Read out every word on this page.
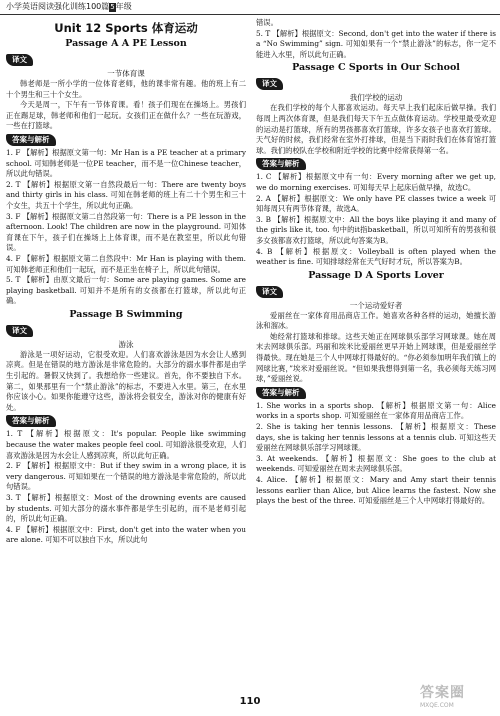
小学英语阅读强化训练100篇5年级
Unit 12 Sports 体育运动
Passage A A PE Lesson
译文
一节体育课

韩老师是一所小学的一位体育老师，他的课非常有趣。他的班上有二十个男生和三十个女生。

今天是周一，下午有一节体育课。看！孩子们现在在操场上。男孩们正在踢足球，韩老师和他们一起玩。女孩们正在做什么？一些在玩游戏，一些在打篮球。

答案与解析

1. F 【解析】根据原文第一句：Mr Han is a PE teacher at a primary school. 可知韩老师是一位PE teacher，而不是一位Chinese teacher，所以此句错误。

2. T 【解析】根据原文第一自然段最后一句：There are twenty boys and thirty girls in his class. 可知在韩老师的班上有二十个男生和三十个女生，共五十个学生，所以此句正确。

3. F 【解析】根据原文第二自然段第一句：There is a PE lesson in the afternoon. Look! The children are now in the playground. 可知体育课在下午，孩子们在操场上上体育课，而不是在教室里，所以此句错误。

4. F 【解析】根据原文第二自然段中：Mr Han is playing with them. 可知韩老师正和他们一起玩，而不是正坐在椅子上，所以此句错误。

5. T 【解析】由原文最后一句：Some are playing games. Some are playing basketball. 可知并不是所有的女孩都在打篮球，所以此句正确。

Passage B Swimming
译文
游泳

游泳是一项好运动，它很受欢迎。人们喜欢游泳是因为水会让人感到凉爽。但是在错误的地方游泳是非常危险的。大部分的溺水事件都是由学生引起的。暑假又快到了。我想给你一些建议。首先，你不要独自下水。第二，如果那里有一个“禁止游泳”的标志，不要进入水里。第三，在水里你应该小心。如果你能遵守这些，游泳将会很安全，游泳对你的健康有好处。

答案与解析

1. T 【解析】根据原文：It's popular. People like swimming because the water makes people feel cool. 可知游泳很受欢迎，人们喜欢游泳是因为水会让人感到凉爽，所以此句正确。

2. F 【解析】根据原文中：But if they swim in a wrong place, it is very dangerous. 可知如果在一个错误的地方游泳是非常危险的，所以此句错误。

3. T 【解析】根据原文：Most of the drowning events are caused by students. 可知大部分的溺水事件都是学生引起的，而不是老师引起的，所以此句正确。

4. F 【解析】根据原文中：First, don't get into the water when you are alone. 可知不可以独自下水，所以此句

错误。

5. T 【解析】根据原文：Second, don't get into the water if there is a “No Swimming” sign. 可知如果有一个“禁止游泳”的标志，你一定不能进入水里，所以此句正确。

Passage C Sports in Our School
译文
我们学校的运动

在我们学校的每个人都喜欢运动。每天早上我们起床后做早操。我们每周上两次体育课，但是我们每天下午五点做体育运动。学校里最受欢迎的运动是打篮球，所有的男孩都喜欢打篮球，许多女孩子也喜欢打篮球。天气好的时候，我们经常在室外打排球，但是当下雨时我们在体育馆打篮球。我们的校队在学校和附近学校的比赛中经常获得第一名。

答案与解析

1. C 【解析】根据原文中有一句：Every morning after we get up, we do morning exercises. 可知每天早上起床后做早操，故选C。

2. A 【解析】根据原文：We only have PE classes twice a week 可知每周只有两节体育课，故选A。

3. B 【解析】根据原文中：All the boys like playing it and many of the girls like it, too. 句中的it指basketball，所以可知所有的男孩和很多女孩都喜欢打篮球，所以此句答案为B。

4. B 【解析】根据原文：Volleyball is often played when the weather is fine. 可知排球经常在天气好时才玩，所以答案为B。

Passage D A Sports Lover
译文
一个运动爱好者

爱丽丝在一家体育用品商店工作。她喜欢各种各样的运动，她擅长游泳和溜冰。

她经常打篮球和排球。这些天她正在网球俱乐部学习网球课。她在周末去网球俱乐部。玛丽和埃米比爱丽丝更早开始上网球课，但是爱丽丝学得最快。现在她是三个人中网球打得最好的。“你必须参加明年我们镇上的网球比赛，”埃米对爱丽丝说。“但如果我想得到第一名，我必须每天练习网球，”爱丽丝说。

答案与解析

1. She works in a sports shop. 【解析】根据原文第一句：Alice works in a sports shop. 可知爱丽丝在一家体育用品商店工作。

2. She is taking her tennis lessons. 【解析】根据原文：These days, she is taking her tennis lessons at a tennis club. 可知这些天爱丽丝在网球俱乐部学习网球课。

3. At weekends. 【解析】根据原文：She goes to the club at weekends. 可知爱丽丝在周末去网球俱乐部。

4. Alice. 【解析】根据原文：Mary and Amy start their tennis lessons earlier than Alice, but Alice learns the fastest. Now she plays the best of the three. 可知爱丽丝是三个人中网球打得最好的。

110
答案圈
MXQE.COM
